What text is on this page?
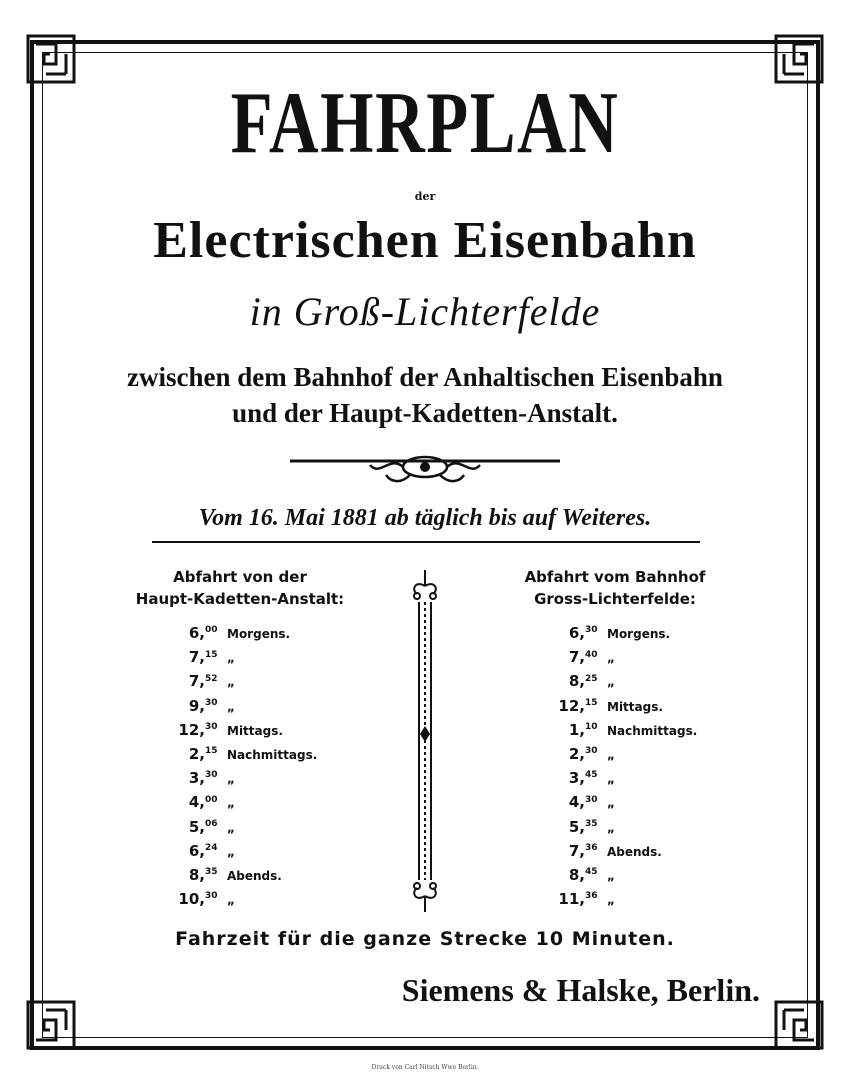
FAHRPLAN
der
Electrischen Eisenbahn
in Groß-Lichterfelde
zwischen dem Bahnhof der Anhaltischen Eisenbahn
und der Haupt-Kadetten-Anstalt.
Vom 16. Mai 1881 ab täglich bis auf Weiteres.
Abfahrt von der
Haupt-Kadetten-Anstalt:
Abfahrt vom Bahnhof
Gross-Lichterfelde:
6,00 Morgens.
7,15 „
7,52 „
9,30 „
12,30 Mittags.
2,15 Nachmittags.
3,30 „
4,00 „
5,06 „
6,24 „
8,35 Abends.
10,30 „
6,30 Morgens.
7,40 „
8,25 „
12,15 Mittags.
1,10 Nachmittags.
2,30 „
3,45 „
4,30 „
5,35 „
7,36 Abends.
8,45 „
11,36 „
Fahrzeit für die ganze Strecke 10 Minuten.
Siemens & Halske, Berlin.
Druck von Carl Nitsch Wwe Berlin.
